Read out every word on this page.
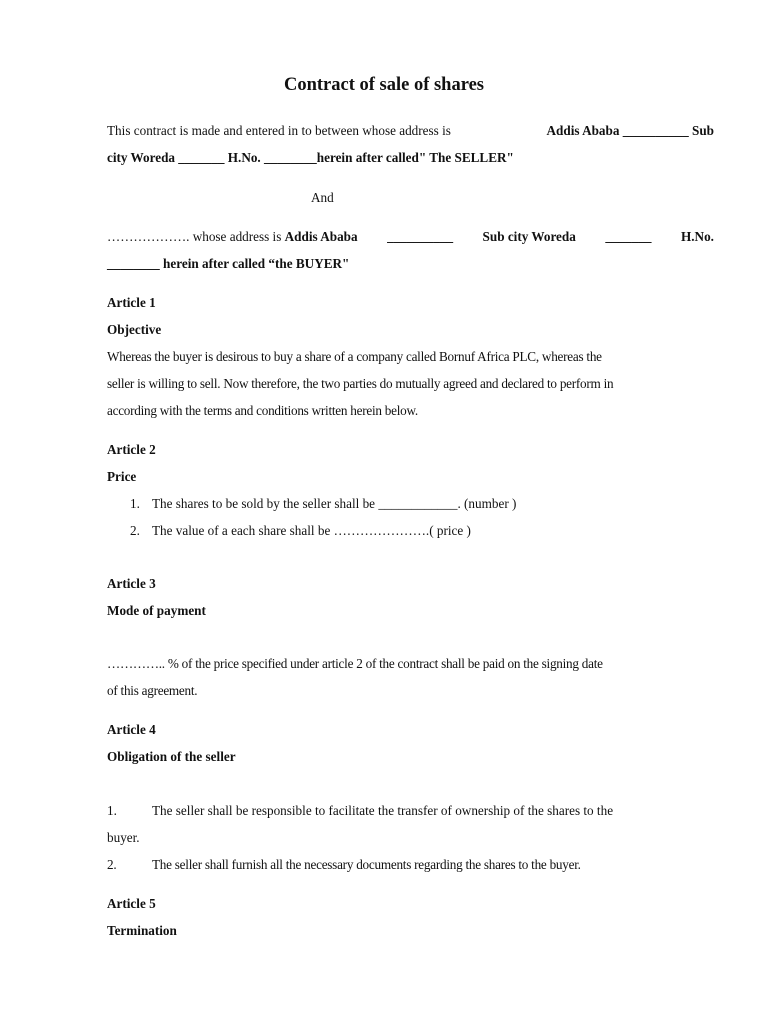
Contract of sale of shares

This contract is made and entered in to between whose address is	Addis Ababa __________ Sub

city Woreda _______ H.No. ________herein after called" The SELLER"

And

………………. whose address is Addis Ababa __________ Sub city Woreda _______ H.No.

________ herein after called “the BUYER"

Article 1

Objective

Whereas the buyer is desirous to buy a share of a company called Bornuf Africa PLC, whereas the

seller is willing to sell. Now therefore, the two parties do mutually agreed and declared to perform in

according with the terms and conditions written herein below.

Article 2

Price

1. The shares to be sold by the seller shall be ____________. (number )

2. The value of a each share shall be ………………….( price )

Article 3

Mode of payment

………….. % of the price specified under article 2 of the contract shall be paid on the signing date

of this agreement.

Article 4

Obligation of the seller

1.	The seller shall be responsible to facilitate the transfer of ownership of the shares to the

buyer.

2.	The seller shall furnish all the necessary documents regarding the shares to the buyer.

Article 5

Termination
